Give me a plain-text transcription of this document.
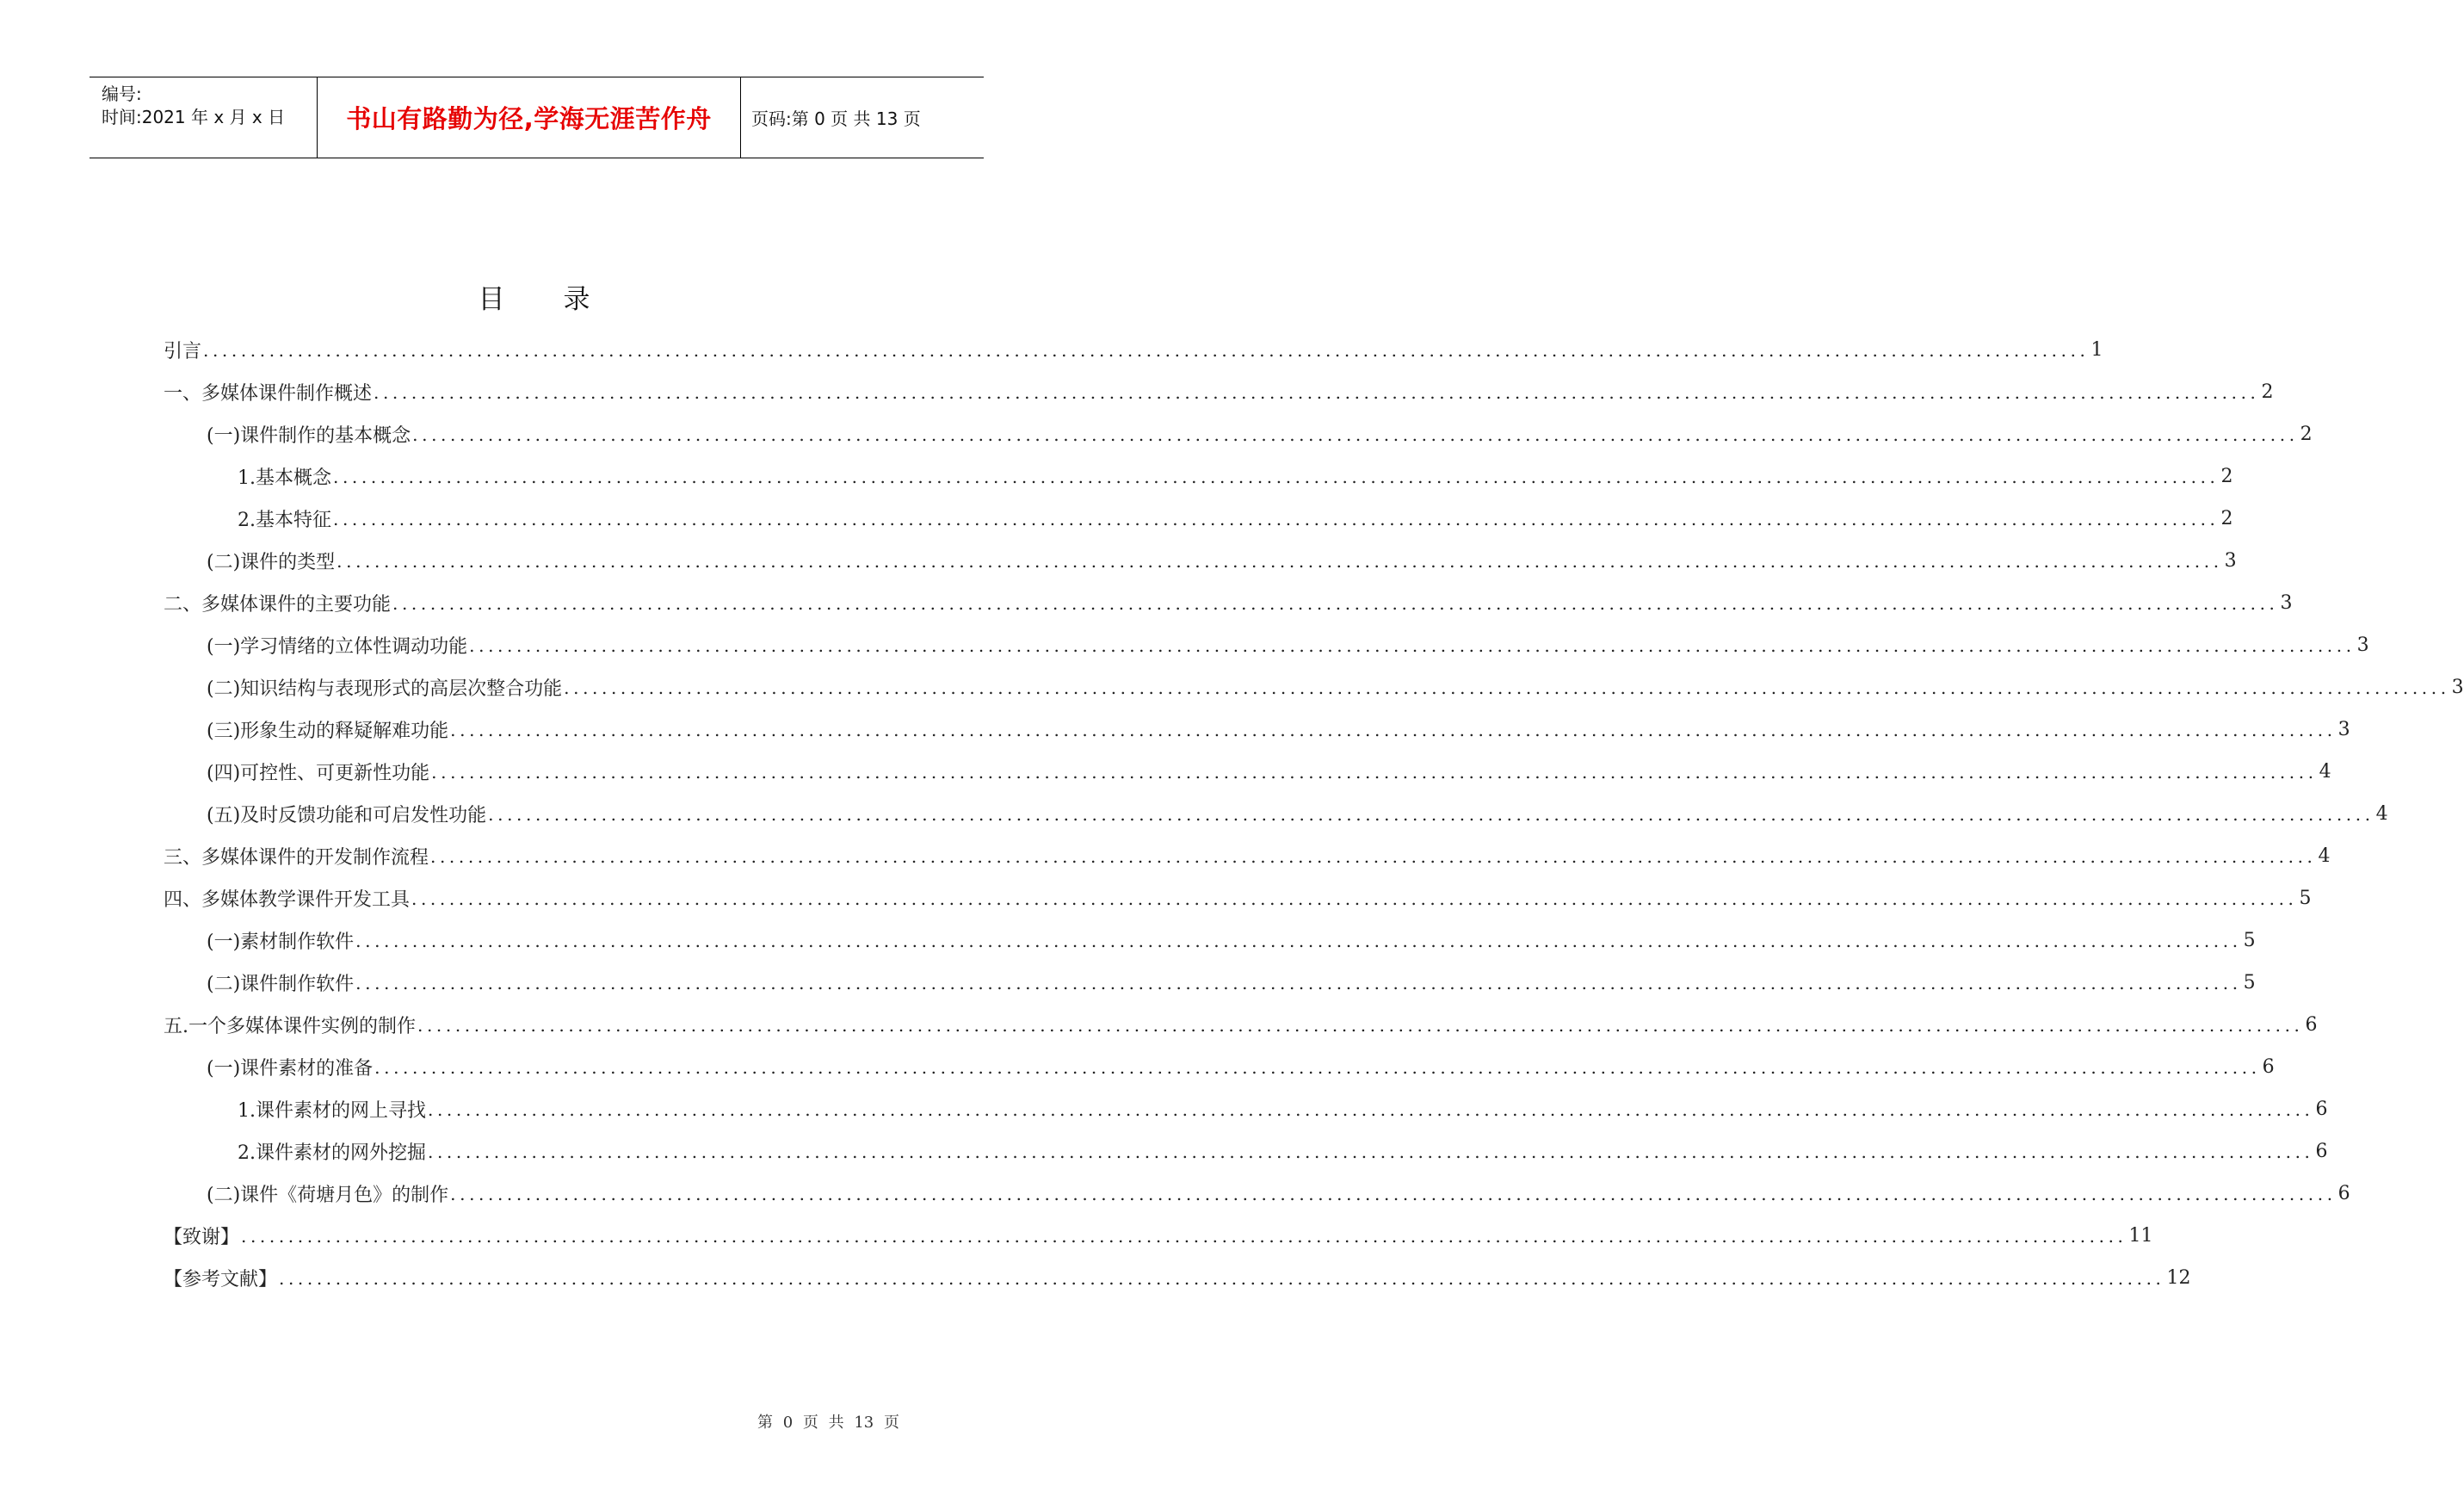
编号:
时间:2021 年 x 月 x 日 书山有路勤为径,学海无涯苦作舟 页码:第 0 页 共 13 页
目录
引言 ........................................................................................................................................................................................................ 1
一、多媒体课件制作概述 ........................................................................................................................................................................................................ 2
(一)课件制作的基本概念 ........................................................................................................................................................................................................ 2
1.基本概念 ........................................................................................................................................................................................................ 2
2.基本特征 ........................................................................................................................................................................................................ 2
(二)课件的类型 ........................................................................................................................................................................................................ 3
二、多媒体课件的主要功能 ........................................................................................................................................................................................................ 3
(一)学习情绪的立体性调动功能 ........................................................................................................................................................................................................ 3
(二)知识结构与表现形式的高层次整合功能 ........................................................................................................................................................................................................ 3
(三)形象生动的释疑解难功能 ........................................................................................................................................................................................................ 3
(四)可控性、可更新性功能 ........................................................................................................................................................................................................ 4
(五)及时反馈功能和可启发性功能 ........................................................................................................................................................................................................ 4
三、多媒体课件的开发制作流程 ........................................................................................................................................................................................................ 4
四、多媒体教学课件开发工具 ........................................................................................................................................................................................................ 5
(一)素材制作软件 ........................................................................................................................................................................................................ 5
(二)课件制作软件 ........................................................................................................................................................................................................ 5
五.一个多媒体课件实例的制作 ........................................................................................................................................................................................................ 6
(一)课件素材的准备 ........................................................................................................................................................................................................ 6
1.课件素材的网上寻找 ........................................................................................................................................................................................................ 6
2.课件素材的网外挖掘 ........................................................................................................................................................................................................ 6
(二)课件《荷塘月色》的制作 ........................................................................................................................................................................................................ 6
【致谢】 ........................................................................................................................................................................................................ 11
【参考文献】 ........................................................................................................................................................................................................ 12
第 0 页 共 13 页
